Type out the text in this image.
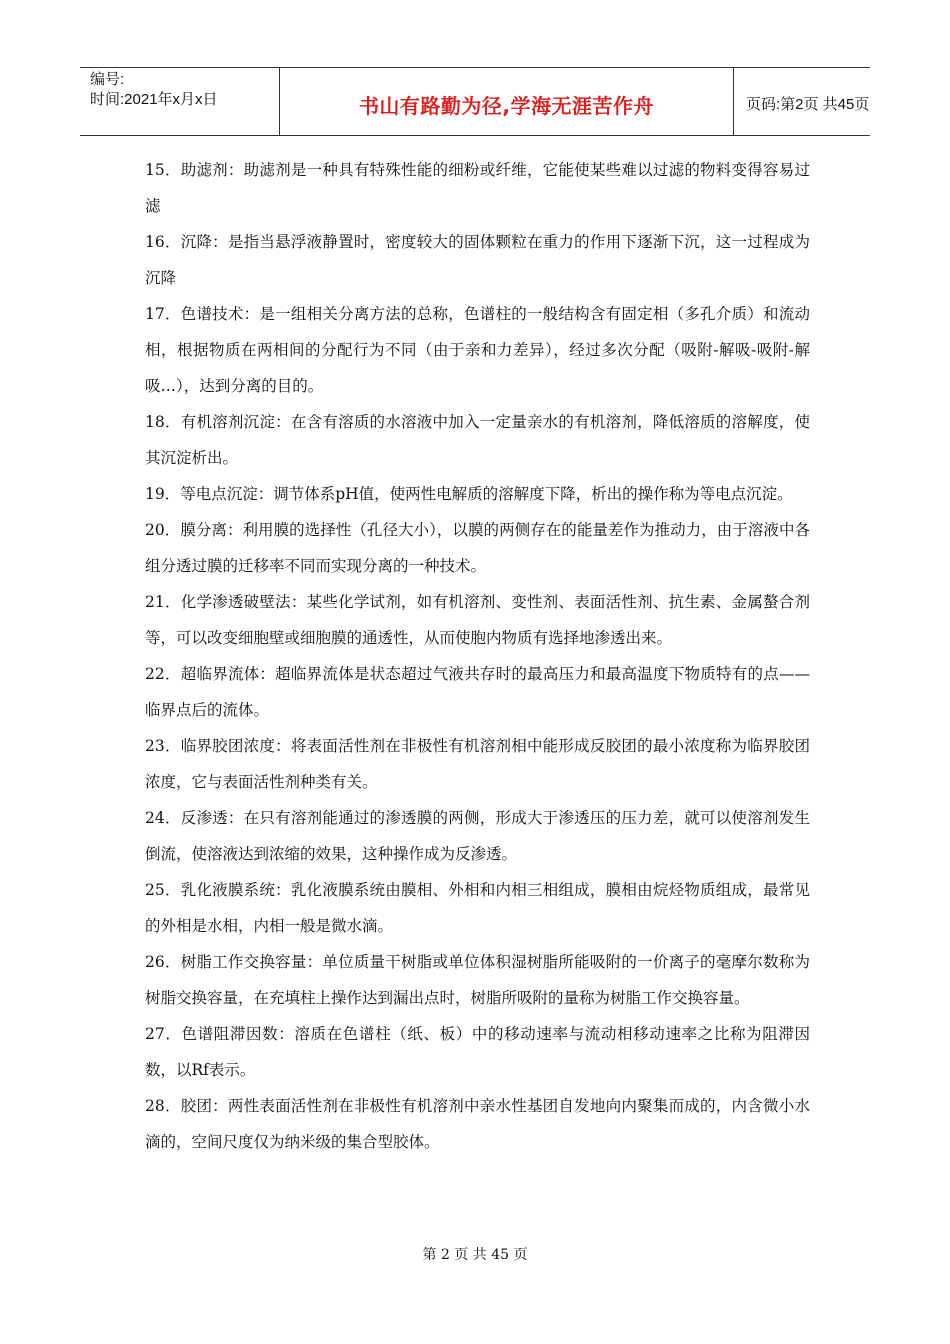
编号:
时间:2021年x月x日	书山有路勤为径,学海无涯苦作舟	页码:第2页 共45页

15．助滤剂：助滤剂是一种具有特殊性能的细粉或纤维，它能使某些难以过滤的物料变得容易过滤

16．沉降：是指当悬浮液静置时，密度较大的固体颗粒在重力的作用下逐渐下沉，这一过程成为沉降

17．色谱技术：是一组相关分离方法的总称，色谱柱的一般结构含有固定相（多孔介质）和流动相，根据物质在两相间的分配行为不同（由于亲和力差异），经过多次分配（吸附-解吸-吸附-解吸…），达到分离的目的。

18．有机溶剂沉淀：在含有溶质的水溶液中加入一定量亲水的有机溶剂，降低溶质的溶解度，使其沉淀析出。

19．等电点沉淀：调节体系pH值，使两性电解质的溶解度下降，析出的操作称为等电点沉淀。

20．膜分离：利用膜的选择性（孔径大小），以膜的两侧存在的能量差作为推动力，由于溶液中各组分透过膜的迁移率不同而实现分离的一种技术。

21．化学渗透破壁法：某些化学试剂，如有机溶剂、变性剂、表面活性剂、抗生素、金属螯合剂等，可以改变细胞壁或细胞膜的通透性，从而使胞内物质有选择地渗透出来。

22．超临界流体：超临界流体是状态超过气液共存时的最高压力和最高温度下物质特有的点——临界点后的流体。

23．临界胶团浓度：将表面活性剂在非极性有机溶剂相中能形成反胶团的最小浓度称为临界胶团浓度，它与表面活性剂种类有关。

24．反渗透：在只有溶剂能通过的渗透膜的两侧，形成大于渗透压的压力差，就可以使溶剂发生倒流，使溶液达到浓缩的效果，这种操作成为反渗透。

25．乳化液膜系统：乳化液膜系统由膜相、外相和内相三相组成，膜相由烷烃物质组成，最常见的外相是水相，内相一般是微水滴。

26．树脂工作交换容量：单位质量干树脂或单位体积湿树脂所能吸附的一价离子的毫摩尔数称为树脂交换容量，在充填柱上操作达到漏出点时，树脂所吸附的量称为树脂工作交换容量。

27．色谱阻滞因数：溶质在色谱柱（纸、板）中的移动速率与流动相移动速率之比称为阻滞因数，以Rf表示。

28．胶团：两性表面活性剂在非极性有机溶剂中亲水性基团自发地向内聚集而成的，内含微小水滴的，空间尺度仅为纳米级的集合型胶体。

第 2 页 共 45 页
